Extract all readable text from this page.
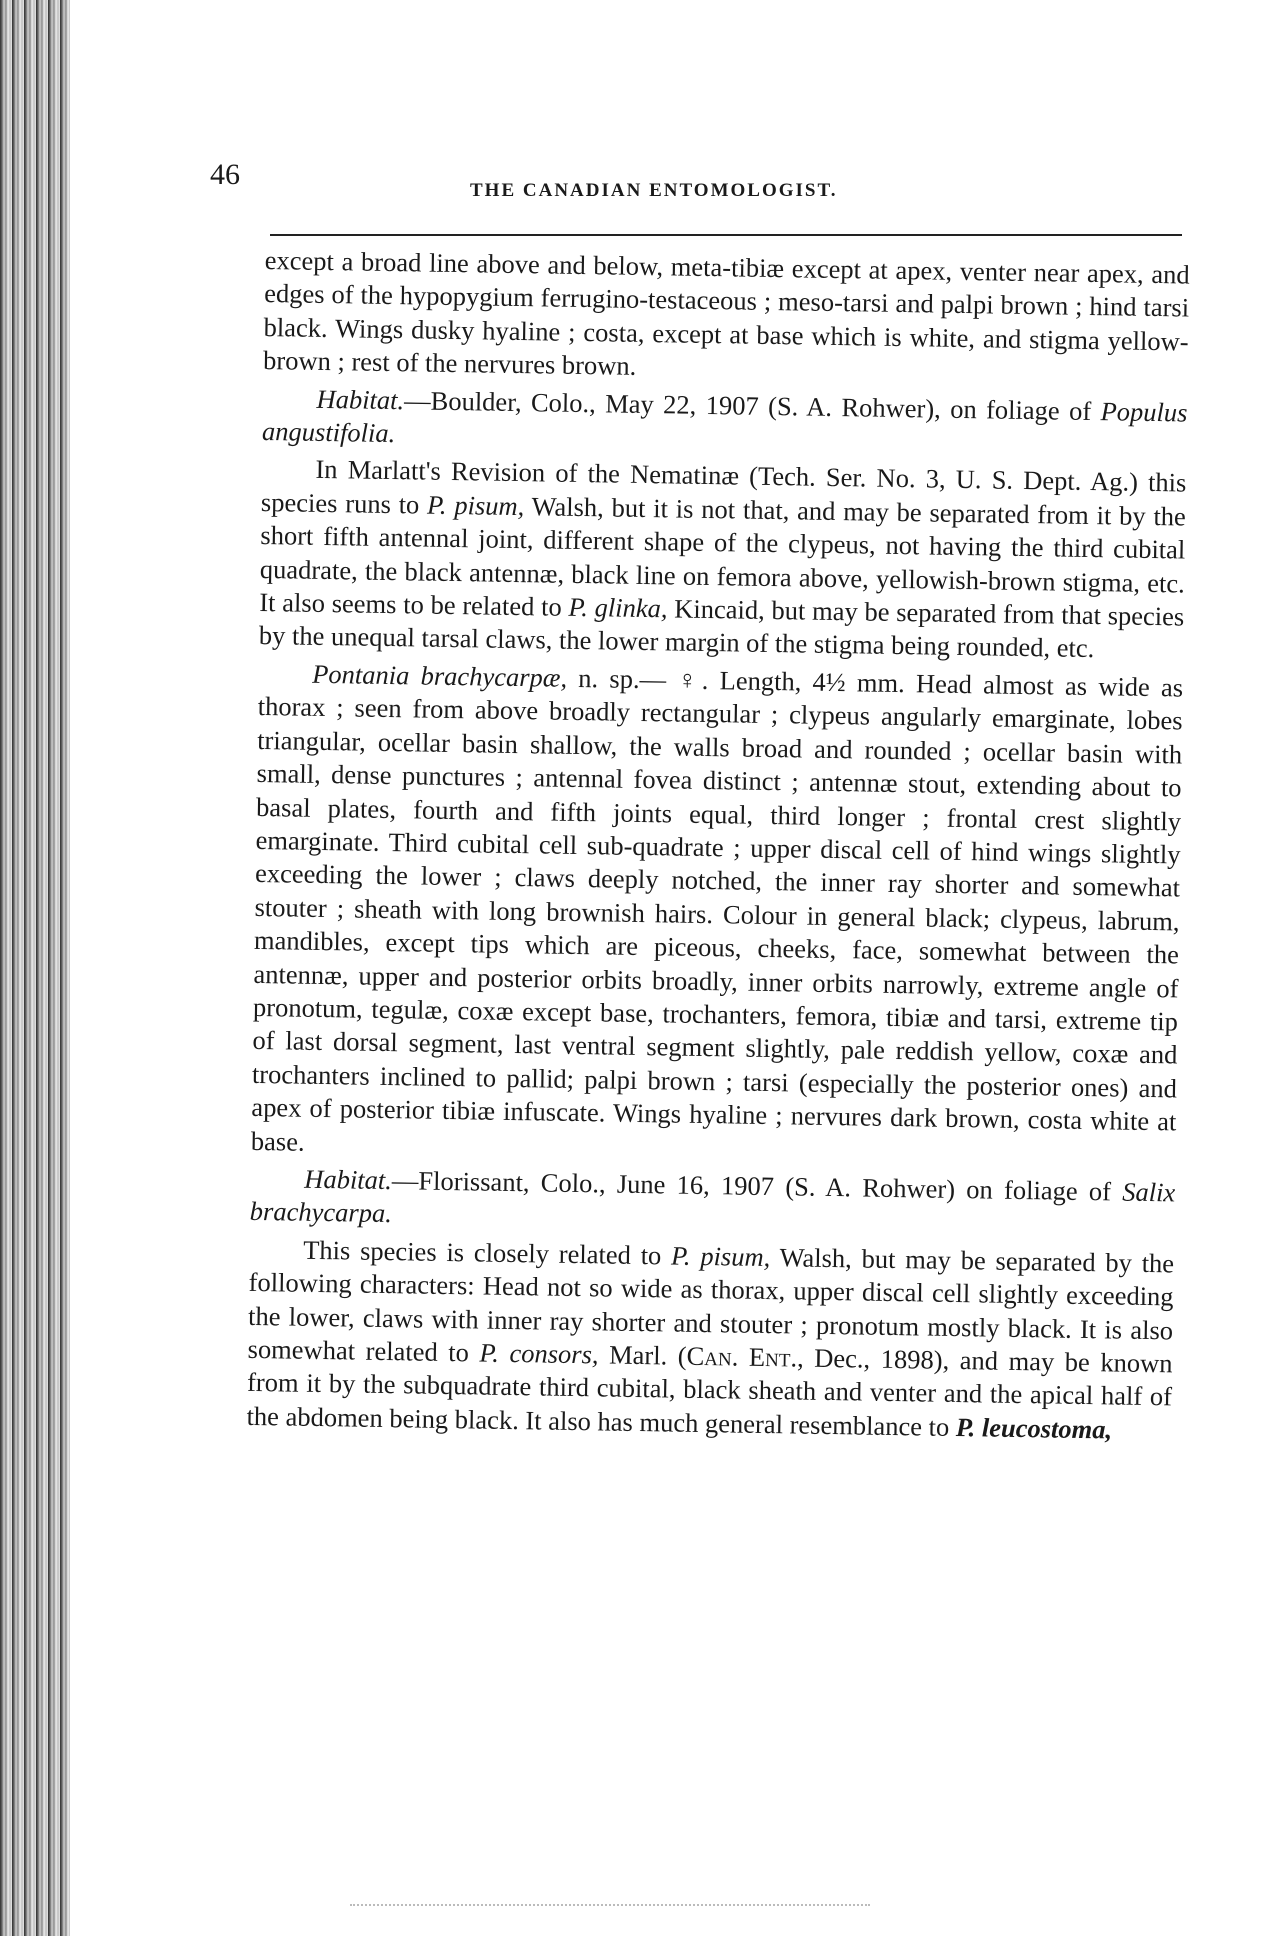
46	THE CANADIAN ENTOMOLOGIST.

except a broad line above and below, meta-tibiæ except at apex, venter near apex, and edges of the hypopygium ferrugino-testaceous ; meso-tarsi and palpi brown ; hind tarsi black. Wings dusky hyaline ; costa, except at base which is white, and stigma yellow-brown ; rest of the nervures brown.

Habitat.—Boulder, Colo., May 22, 1907 (S. A. Rohwer), on foliage of Populus angustifolia.

In Marlatt's Revision of the Nematinæ (Tech. Ser. No. 3, U. S. Dept. Ag.) this species runs to P. pisum, Walsh, but it is not that, and may be separated from it by the short fifth antennal joint, different shape of the clypeus, not having the third cubital quadrate, the black antennæ, black line on femora above, yellowish-brown stigma, etc. It also seems to be related to P. glinka, Kincaid, but may be separated from that species by the unequal tarsal claws, the lower margin of the stigma being rounded, etc.

Pontania brachycarpæ, n. sp.— ♀. Length, 4½ mm. Head almost as wide as thorax ; seen from above broadly rectangular ; clypeus angularly emarginate, lobes triangular, ocellar basin shallow, the walls broad and rounded ; ocellar basin with small, dense punctures ; antennal fovea distinct ; antennæ stout, extending about to basal plates, fourth and fifth joints equal, third longer ; frontal crest slightly emarginate. Third cubital cell sub-quadrate ; upper discal cell of hind wings slightly exceeding the lower ; claws deeply notched, the inner ray shorter and somewhat stouter ; sheath with long brownish hairs. Colour in general black; clypeus, labrum, mandibles, except tips which are piceous, cheeks, face, somewhat between the antennæ, upper and posterior orbits broadly, inner orbits narrowly, extreme angle of pronotum, tegulæ, coxæ except base, trochanters, femora, tibiæ and tarsi, extreme tip of last dorsal segment, last ventral segment slightly, pale reddish yellow, coxæ and trochanters inclined to pallid; palpi brown ; tarsi (especially the posterior ones) and apex of posterior tibiæ infuscate. Wings hyaline ; nervures dark brown, costa white at base.

Habitat.—Florissant, Colo., June 16, 1907 (S. A. Rohwer) on foliage of Salix brachycarpa.

This species is closely related to P. pisum, Walsh, but may be separated by the following characters: Head not so wide as thorax, upper discal cell slightly exceeding the lower, claws with inner ray shorter and stouter ; pronotum mostly black. It is also somewhat related to P. consors, Marl. (Can. Ent., Dec., 1898), and may be known from it by the subquadrate third cubital, black sheath and venter and the apical half of the abdomen being black. It also has much general resemblance to P. leucostoma,
